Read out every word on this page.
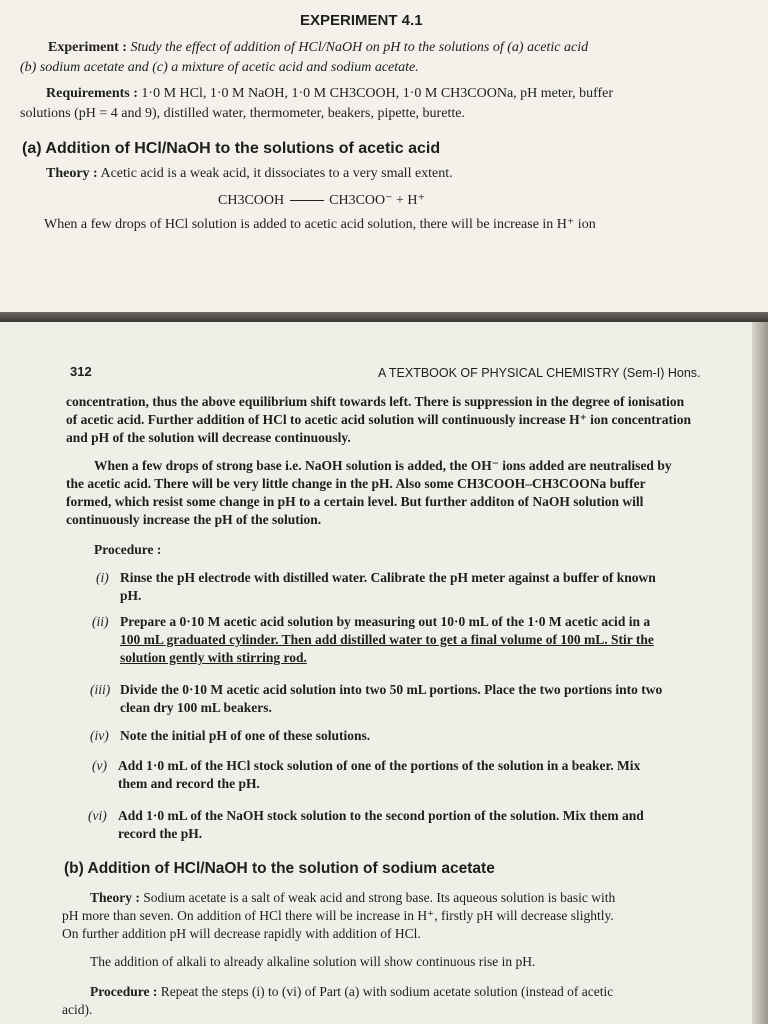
EXPERIMENT 4.1
Experiment : Study the effect of addition of HCl/NaOH on pH to the solutions of (a) acetic acid
(b) sodium acetate and (c) a mixture of acetic acid and sodium acetate.
Requirements : 1·0 M HCl, 1·0 M NaOH, 1·0 M CH3COOH, 1·0 M CH3COONa, pH meter, buffer
solutions (pH = 4 and 9), distilled water, thermometer, beakers, pipette, burette.
(a) Addition of HCl/NaOH to the solutions of acetic acid
Theory : Acetic acid is a weak acid, it dissociates to a very small extent.
CH3COOH	CH3COO⁻ + H⁺
When a few drops of HCl solution is added to acetic acid solution, there will be increase in H⁺ ion
312	A TEXTBOOK OF PHYSICAL CHEMISTRY (Sem-I) Hons.
concentration, thus the above equilibrium shift towards left. There is suppression in the degree of ionisation
of acetic acid. Further addition of HCl to acetic acid solution will continuously increase H⁺ ion concentration
and pH of the solution will decrease continuously.
When a few drops of strong base i.e. NaOH solution is added, the OH⁻ ions added are neutralised by
the acetic acid. There will be very little change in the pH. Also some CH3COOH–CH3COONa buffer
formed, which resist some change in pH to a certain level. But further additon of NaOH solution will
continuously increase the pH of the solution.
Procedure :
(i) Rinse the pH electrode with distilled water. Calibrate the pH meter against a buffer of known
pH.
(ii) Prepare a 0·10 M acetic acid solution by measuring out 10·0 mL of the 1·0 M acetic acid in a
100 mL graduated cylinder. Then add distilled water to get a final volume of 100 mL. Stir the
solution gently with stirring rod.
(iii) Divide the 0·10 M acetic acid solution into two 50 mL portions. Place the two portions into two
clean dry 100 mL beakers.
(iv) Note the initial pH of one of these solutions.
(v) Add 1·0 mL of the HCl stock solution of one of the portions of the solution in a beaker. Mix
them and record the pH.
(vi) Add 1·0 mL of the NaOH stock solution to the second portion of the solution. Mix them and
record the pH.
(b) Addition of HCl/NaOH to the solution of sodium acetate
Theory : Sodium acetate is a salt of weak acid and strong base. Its aqueous solution is basic with
pH more than seven. On addition of HCl there will be increase in H⁺, firstly pH will decrease slightly.
On further addition pH will decrease rapidly with addition of HCl.
The addition of alkali to already alkaline solution will show continuous rise in pH.
Procedure : Repeat the steps (i) to (vi) of Part (a) with sodium acetate solution (instead of acetic
acid).
